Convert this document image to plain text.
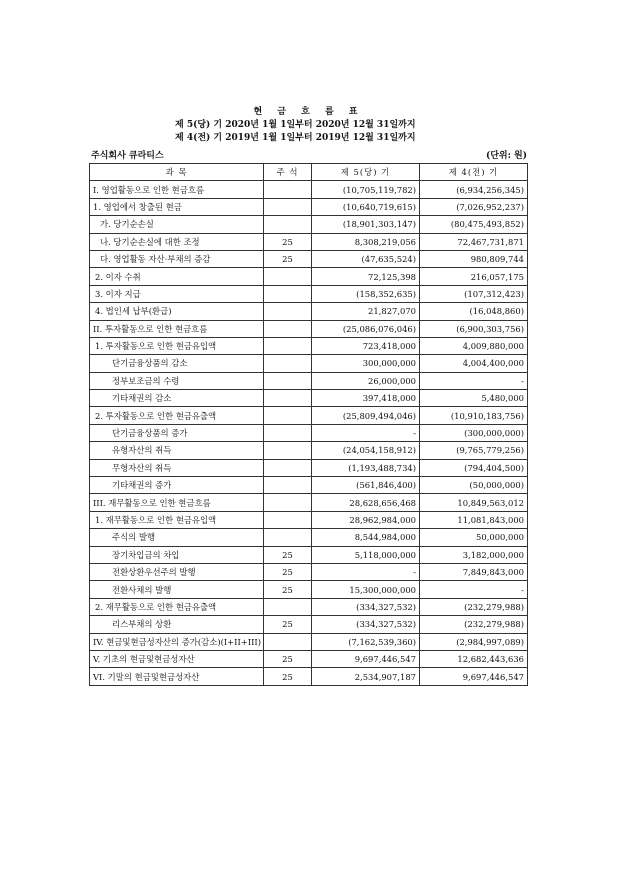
현 금 흐 름 표
제 5(당) 기 2020년 1월 1일부터 2020년 12월 31일까지
제 4(전) 기 2019년 1월 1일부터 2019년 12월 31일까지
주식회사 큐라티스	(단위: 원)
과 목	주 석	제 5(당) 기	제 4(전) 기
I. 영업활동으로 인한 현금흐름		(10,705,119,782)	(6,934,256,345)
1. 영업에서 창출된 현금		(10,640,719,615)	(7,026,952,237)
가. 당기순손실		(18,901,303,147)	(80,475,493,852)
나. 당기순손실에 대한 조정	25	8,308,219,056	72,467,731,871
다. 영업활동 자산·부채의 증감	25	(47,635,524)	980,809,744
2. 이자 수취		72,125,398	216,057,175
3. 이자 지급		(158,352,635)	(107,312,423)
4. 법인세 납부(환급)		21,827,070	(16,048,860)
II. 투자활동으로 인한 현금흐름		(25,086,076,046)	(6,900,303,756)
1. 투자활동으로 인한 현금유입액		723,418,000	4,009,880,000
단기금융상품의 감소		300,000,000	4,004,400,000
정부보조금의 수령		26,000,000	-
기타채권의 감소		397,418,000	5,480,000
2. 투자활동으로 인한 현금유출액		(25,809,494,046)	(10,910,183,756)
단기금융상품의 증가		-	(300,000,000)
유형자산의 취득		(24,054,158,912)	(9,765,779,256)
무형자산의 취득		(1,193,488,734)	(794,404,500)
기타채권의 증가		(561,846,400)	(50,000,000)
III. 재무활동으로 인한 현금흐름		28,628,656,468	10,849,563,012
1. 재무활동으로 인한 현금유입액		28,962,984,000	11,081,843,000
주식의 발행		8,544,984,000	50,000,000
장기차입금의 차입	25	5,118,000,000	3,182,000,000
전환상환우선주의 발행	25	-	7,849,843,000
전환사채의 발행	25	15,300,000,000	-
2. 재무활동으로 인한 현금유출액		(334,327,532)	(232,279,988)
리스부채의 상환	25	(334,327,532)	(232,279,988)
IV. 현금및현금성자산의 증가(감소)(I+II+III)		(7,162,539,360)	(2,984,997,089)
V. 기초의 현금및현금성자산	25	9,697,446,547	12,682,443,636
VI. 기말의 현금및현금성자산	25	2,534,907,187	9,697,446,547
